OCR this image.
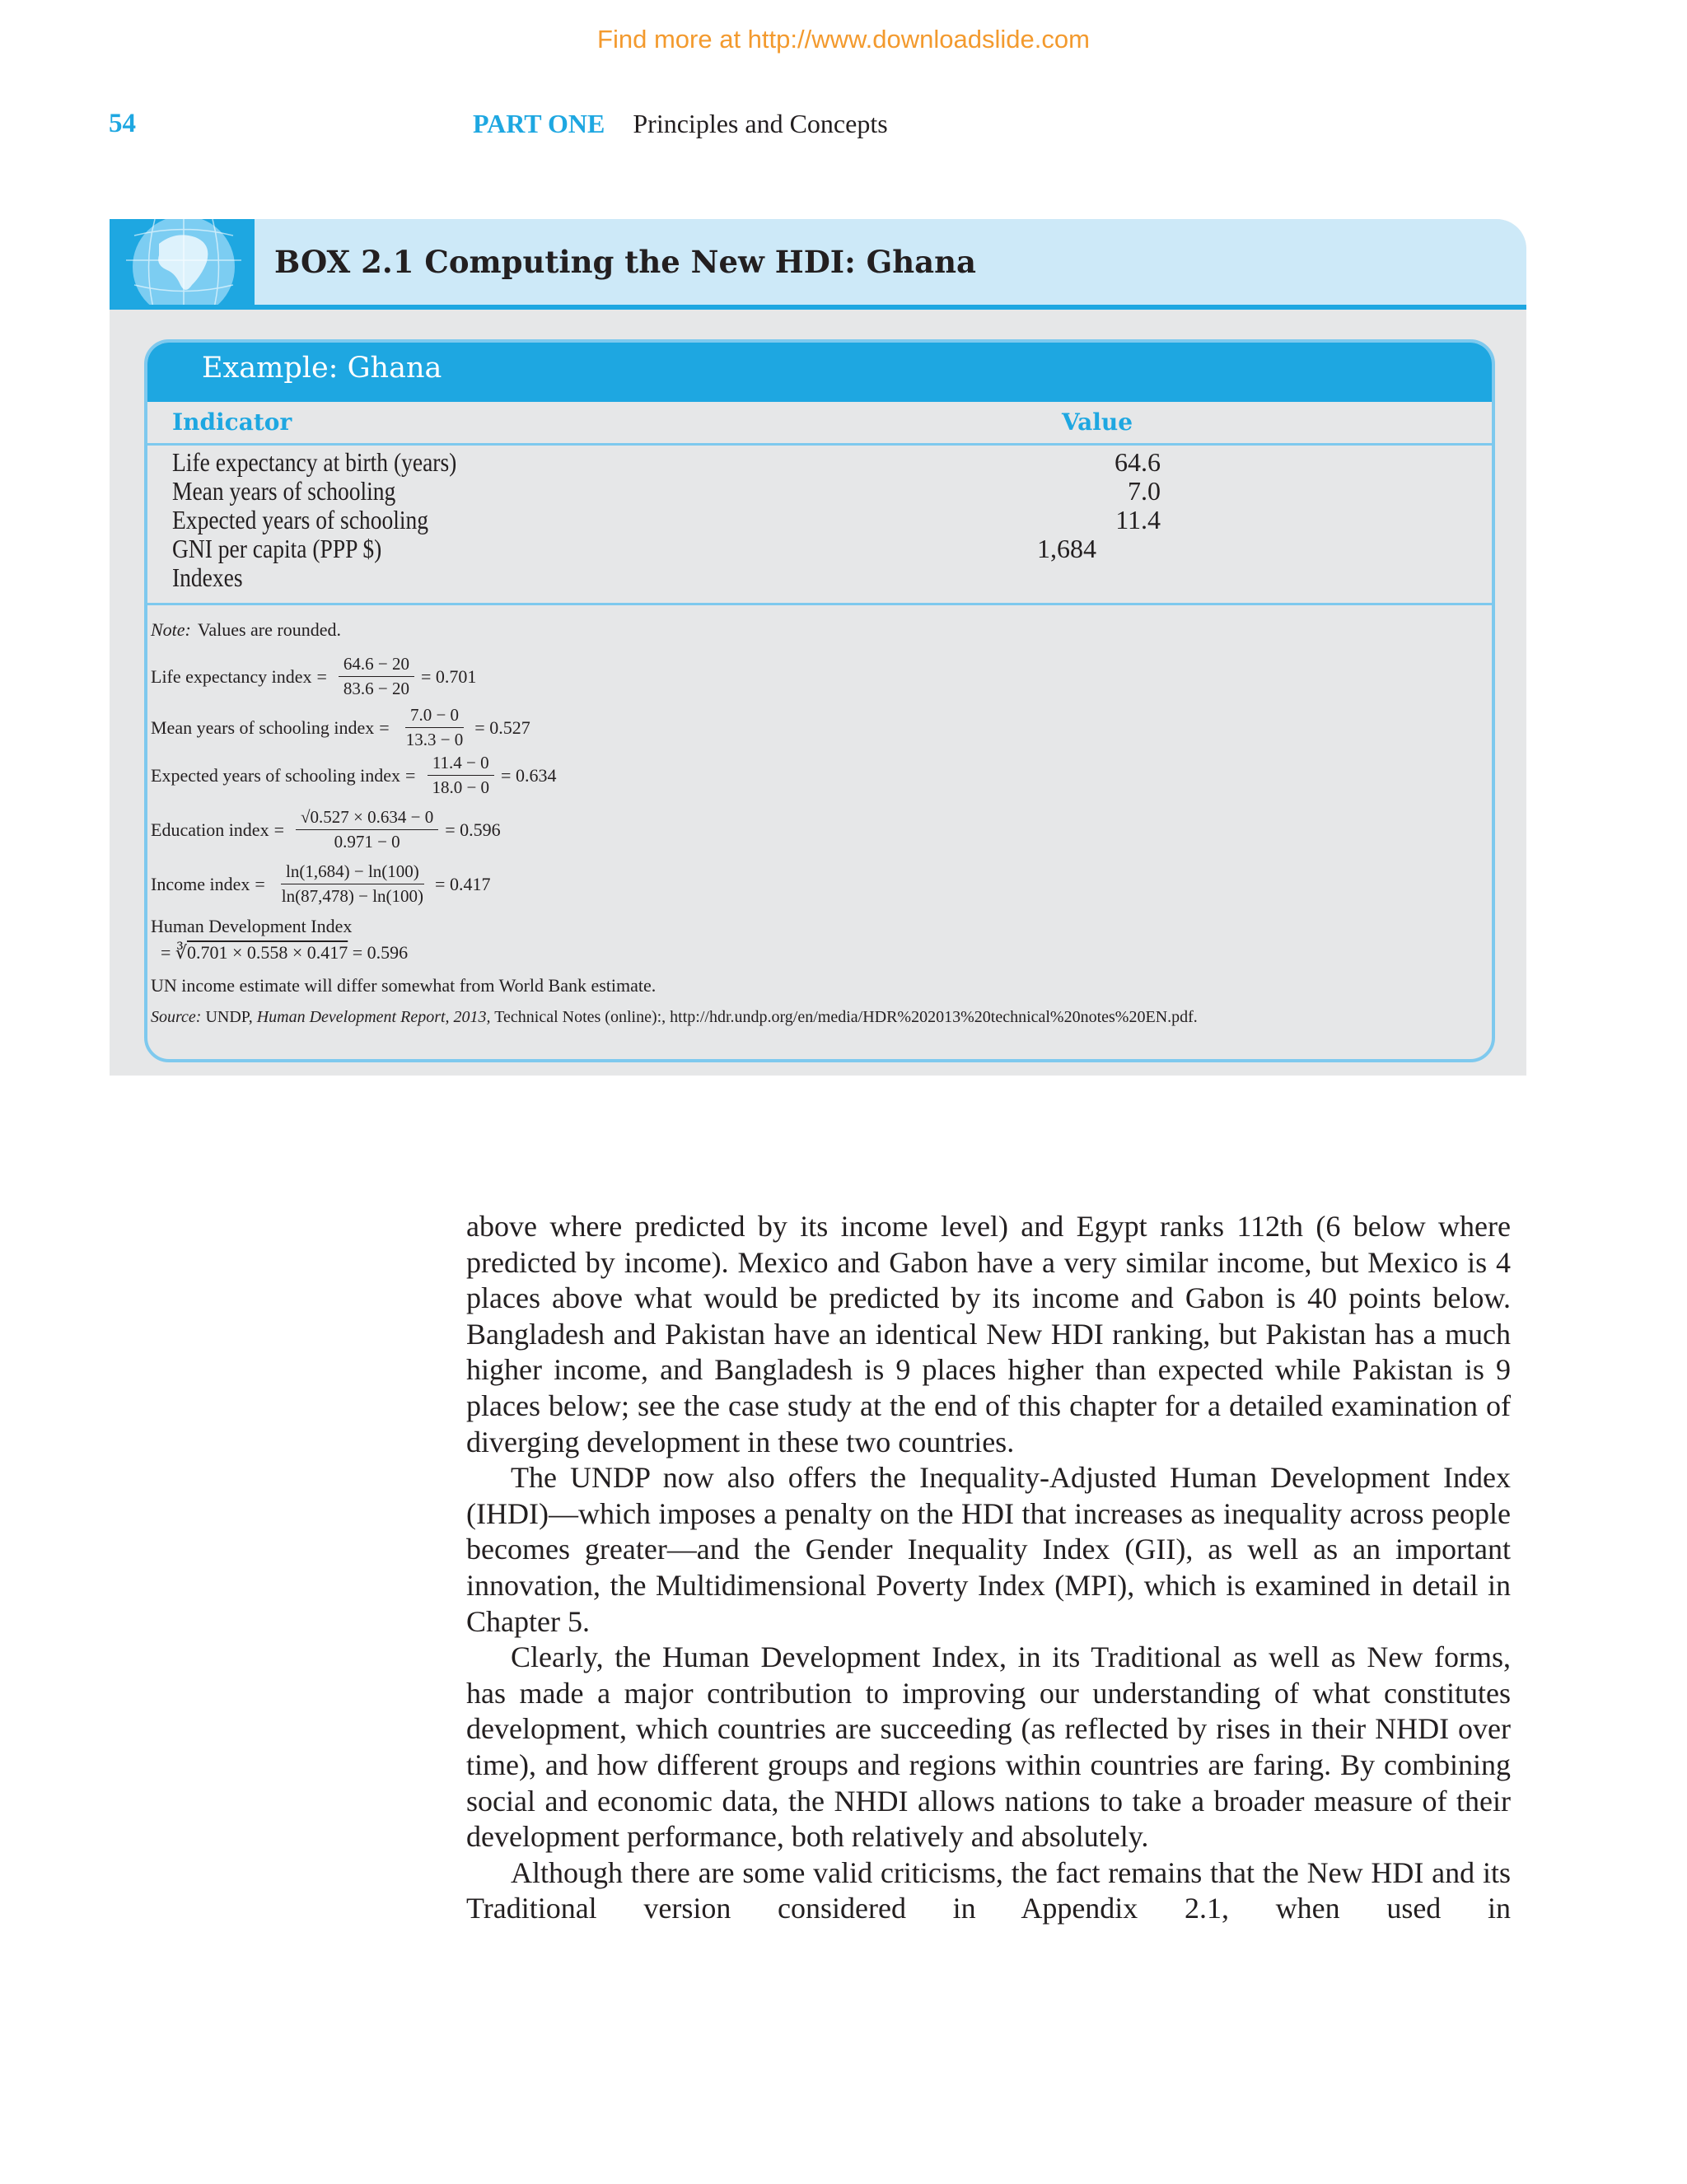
Find more at http://www.downloadslide.com
54	PART ONE Principles and Concepts
BOX 2.1 Computing the New HDI: Ghana
Example: Ghana
Indicator	Value
Life expectancy at birth (years)
Mean years of schooling
Expected years of schooling
GNI per capita (PPP $)
Indexes
64.6
7.0
11.4
1,684
Note: Values are rounded.
Life expectancy index = $\frac{64.6 - 20}{83.6 - 20} = 0.701$
Mean years of schooling index = $\frac{7.0 - 0}{13.3 - 0} = 0.527$
Expected years of schooling index = $\frac{11.4 - 0}{18.0 - 0} = 0.634$
Education index = $\frac{√0.527 \times 0.634 - 0}{0.971 - 0} = 0.596$
Income index = $\frac{\ln(1,684) - \ln(100)}{\ln(87,478) - \ln(100)} = 0.417$
Human Development Index
= ∛0.701 × 0.558 × 0.417 = 0.596
UN income estimate will differ somewhat from World Bank estimate.
Source: UNDP, Human Development Report, 2013, Technical Notes (online):, http://hdr.undp.org/en/media/HDR%202013%20technical%20notes%20EN.pdf.

above where predicted by its income level) and Egypt ranks 112th (6 below where predicted by income). Mexico and Gabon have a very similar income, but Mexico is 4 places above what would be predicted by its income and Gabon is 40 points below. Bangladesh and Pakistan have an identical New HDI ranking, but Pakistan has a much higher income, and Bangladesh is 9 places higher than expected while Pakistan is 9 places below; see the case study at the end of this chapter for a detailed examination of diverging development in these two countries.

The UNDP now also offers the Inequality-Adjusted Human Development Index (IHDI)—which imposes a penalty on the HDI that increases as inequality across people becomes greater—and the Gender Inequality Index (GII), as well as an important innovation, the Multidimensional Poverty Index (MPI), which is examined in detail in Chapter 5.

Clearly, the Human Development Index, in its Traditional as well as New forms, has made a major contribution to improving our understanding of what constitutes development, which countries are succeeding (as reflected by rises in their NHDI over time), and how different groups and regions within countries are faring. By combining social and economic data, the NHDI allows nations to take a broader measure of their development performance, both relatively and absolutely.

Although there are some valid criticisms, the fact remains that the New HDI and its Traditional version considered in Appendix 2.1, when used in
